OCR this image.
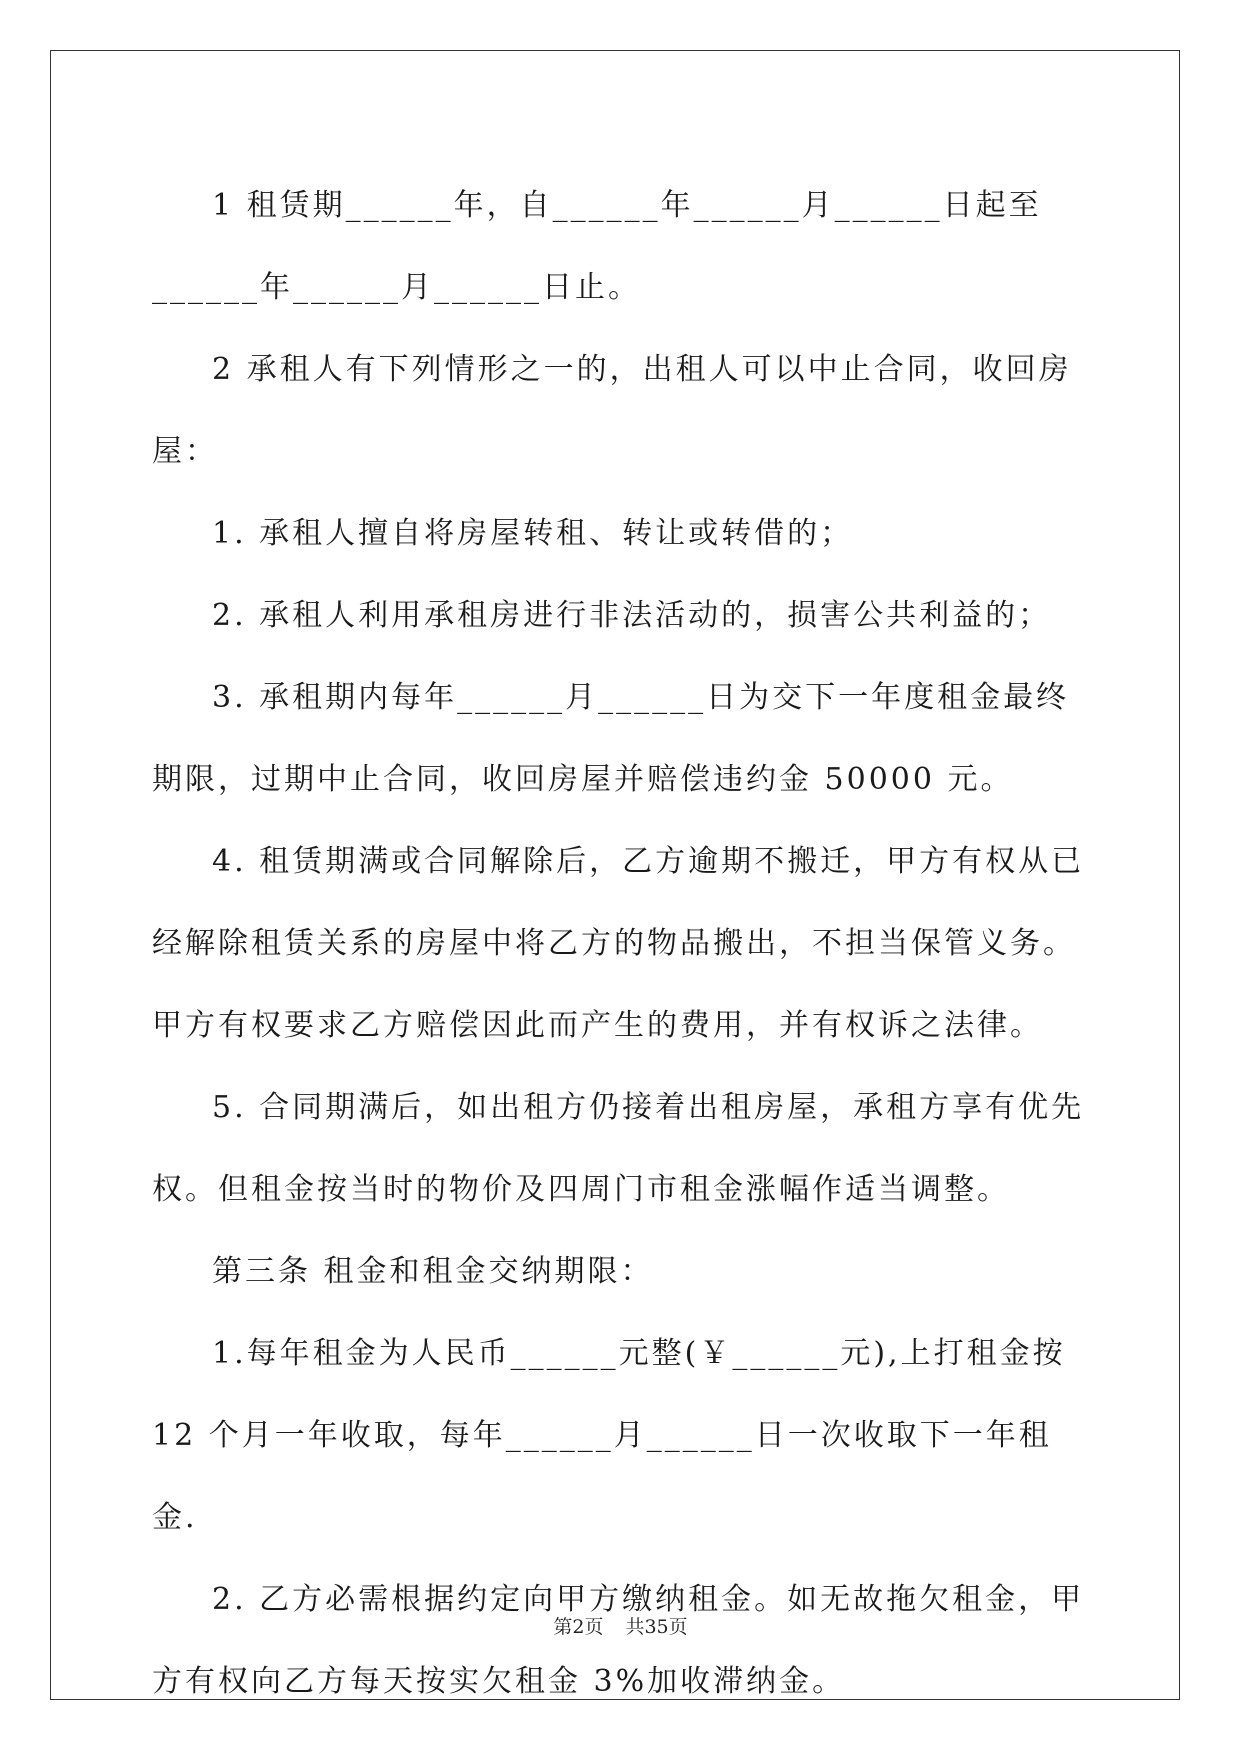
1 租赁期______年，自______年______月______日起至______年______月______日止。

2 承租人有下列情形之一的，出租人可以中止合同，收回房屋：

1. 承租人擅自将房屋转租、转让或转借的；

2. 承租人利用承租房进行非法活动的，损害公共利益的；

3. 承租期内每年______月______日为交下一年度租金最终期限，过期中止合同，收回房屋并赔偿违约金 50000 元。

4. 租赁期满或合同解除后，乙方逾期不搬迁，甲方有权从已经解除租赁关系的房屋中将乙方的物品搬出，不担当保管义务。甲方有权要求乙方赔偿因此而产生的费用，并有权诉之法律。

5. 合同期满后，如出租方仍接着出租房屋，承租方享有优先权。但租金按当时的物价及四周门市租金涨幅作适当调整。

第三条 租金和租金交纳期限：

1.每年租金为人民币______元整(￥______元),上打租金按 12 个月一年收取，每年______月______日一次收取下一年租金.

2. 乙方必需根据约定向甲方缴纳租金。如无故拖欠租金，甲方有权向乙方每天按实欠租金 3%加收滞纳金。

第2页 共35页
